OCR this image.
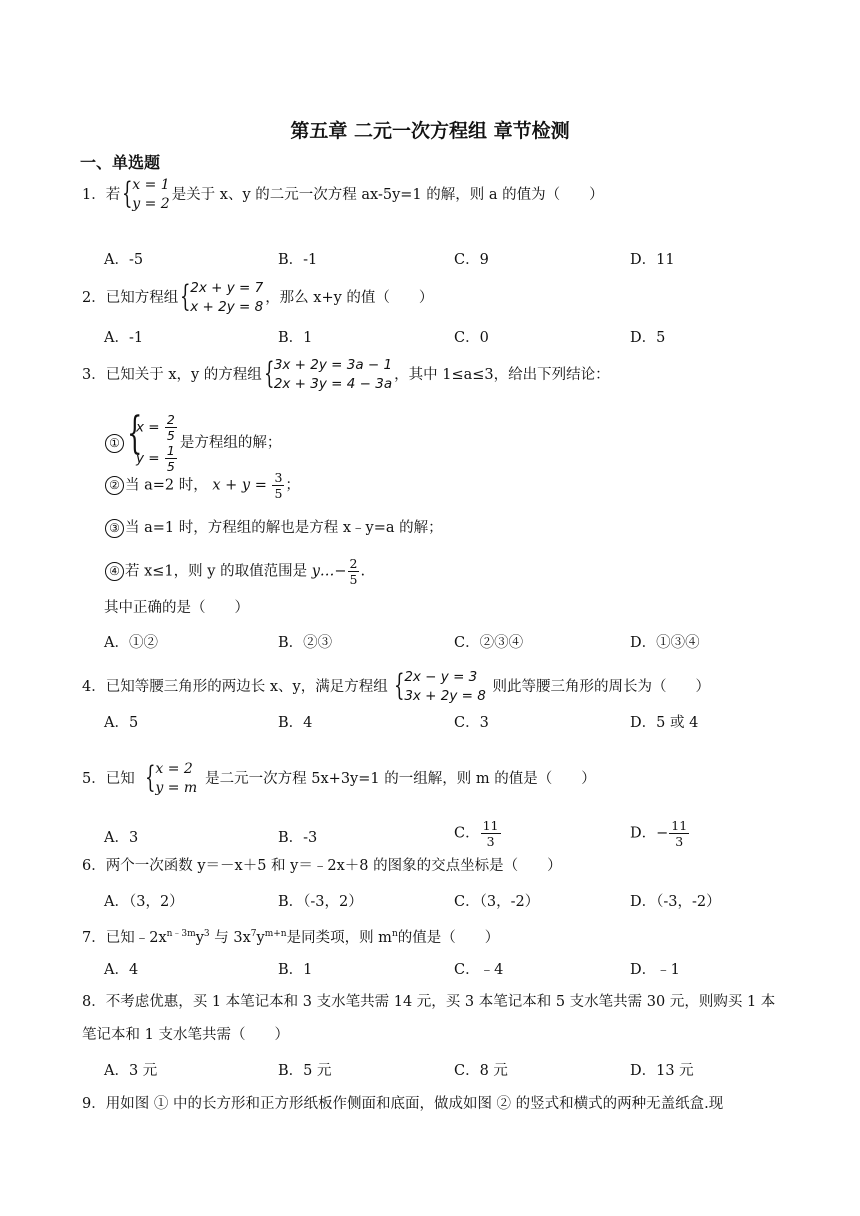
第五章 二元一次方程组 章节检测
一、单选题
1．若 { x = 1
y = 2
是关于 x、y 的二元一次方程 ax-5y=1 的解，则 a 的值为（　　）
A．-5	B．-1	C．9	D．11
2．已知方程组 { 2x + y = 7
x + 2y = 8
，那么 x+y 的值（　　）
A．-1	B．1	C．0	D．5
3．已知关于 x，y 的方程组 { 3x + 2y = 3a − 1
2x + 3y = 4 − 3a
，其中 1≤a≤3，给出下列结论：
① {
$x = \frac{2}{5}$
$y = \frac{1}{5}$ 是方程组的解；
② 当 a=2 时， $x + y = \frac{3}{5}$ ；
③ 当 a=1 时，方程组的解也是方程 x﹣y=a 的解；
④ 若 x≤1，则 y 的取值范围是 y…− $\frac{2}{5}$ .
其中正确的是（　　）
A．①②	B．②③	C．②③④	D．①③④
4．已知等腰三角形的两边长 x、y，满足方程组 { 2x − y = 3
3x + 2y = 8
则此等腰三角形的周长为（　　）
A．5	B．4	C．3	D．5 或 4
5．已知 { x = 2
y = m
是二元一次方程 5x+3y=1 的一组解，则 m 的值是（　　）
A．3	B．-3	C． $\frac{11}{3}$	D．− $\frac{11}{3}$
6．两个一次函数 y＝－x＋5 和 y＝﹣2x＋8 的图象的交点坐标是（　　）
A．（3，2）	B．（-3，2）	C．（3，-2）	D．（-3，-2）
7．已知$﹣2x^{n﹣3m}y^3$ 与 $3x^7y^{m+n}$是同类项，则 $m^n$的值是（　　）
A．4	B．1	C．﹣4	D．﹣1
8．不考虑优惠，买 1 本笔记本和 3 支水笔共需 14 元，买 3 本笔记本和 5 支水笔共需 30 元，则购买 1 本
笔记本和 1 支水笔共需（　　）
A．3 元	B．5 元	C．8 元	D．13 元
9．用如图 ① 中的长方形和正方形纸板作侧面和底面，做成如图 ② 的竖式和横式的两种无盖纸盒.现
